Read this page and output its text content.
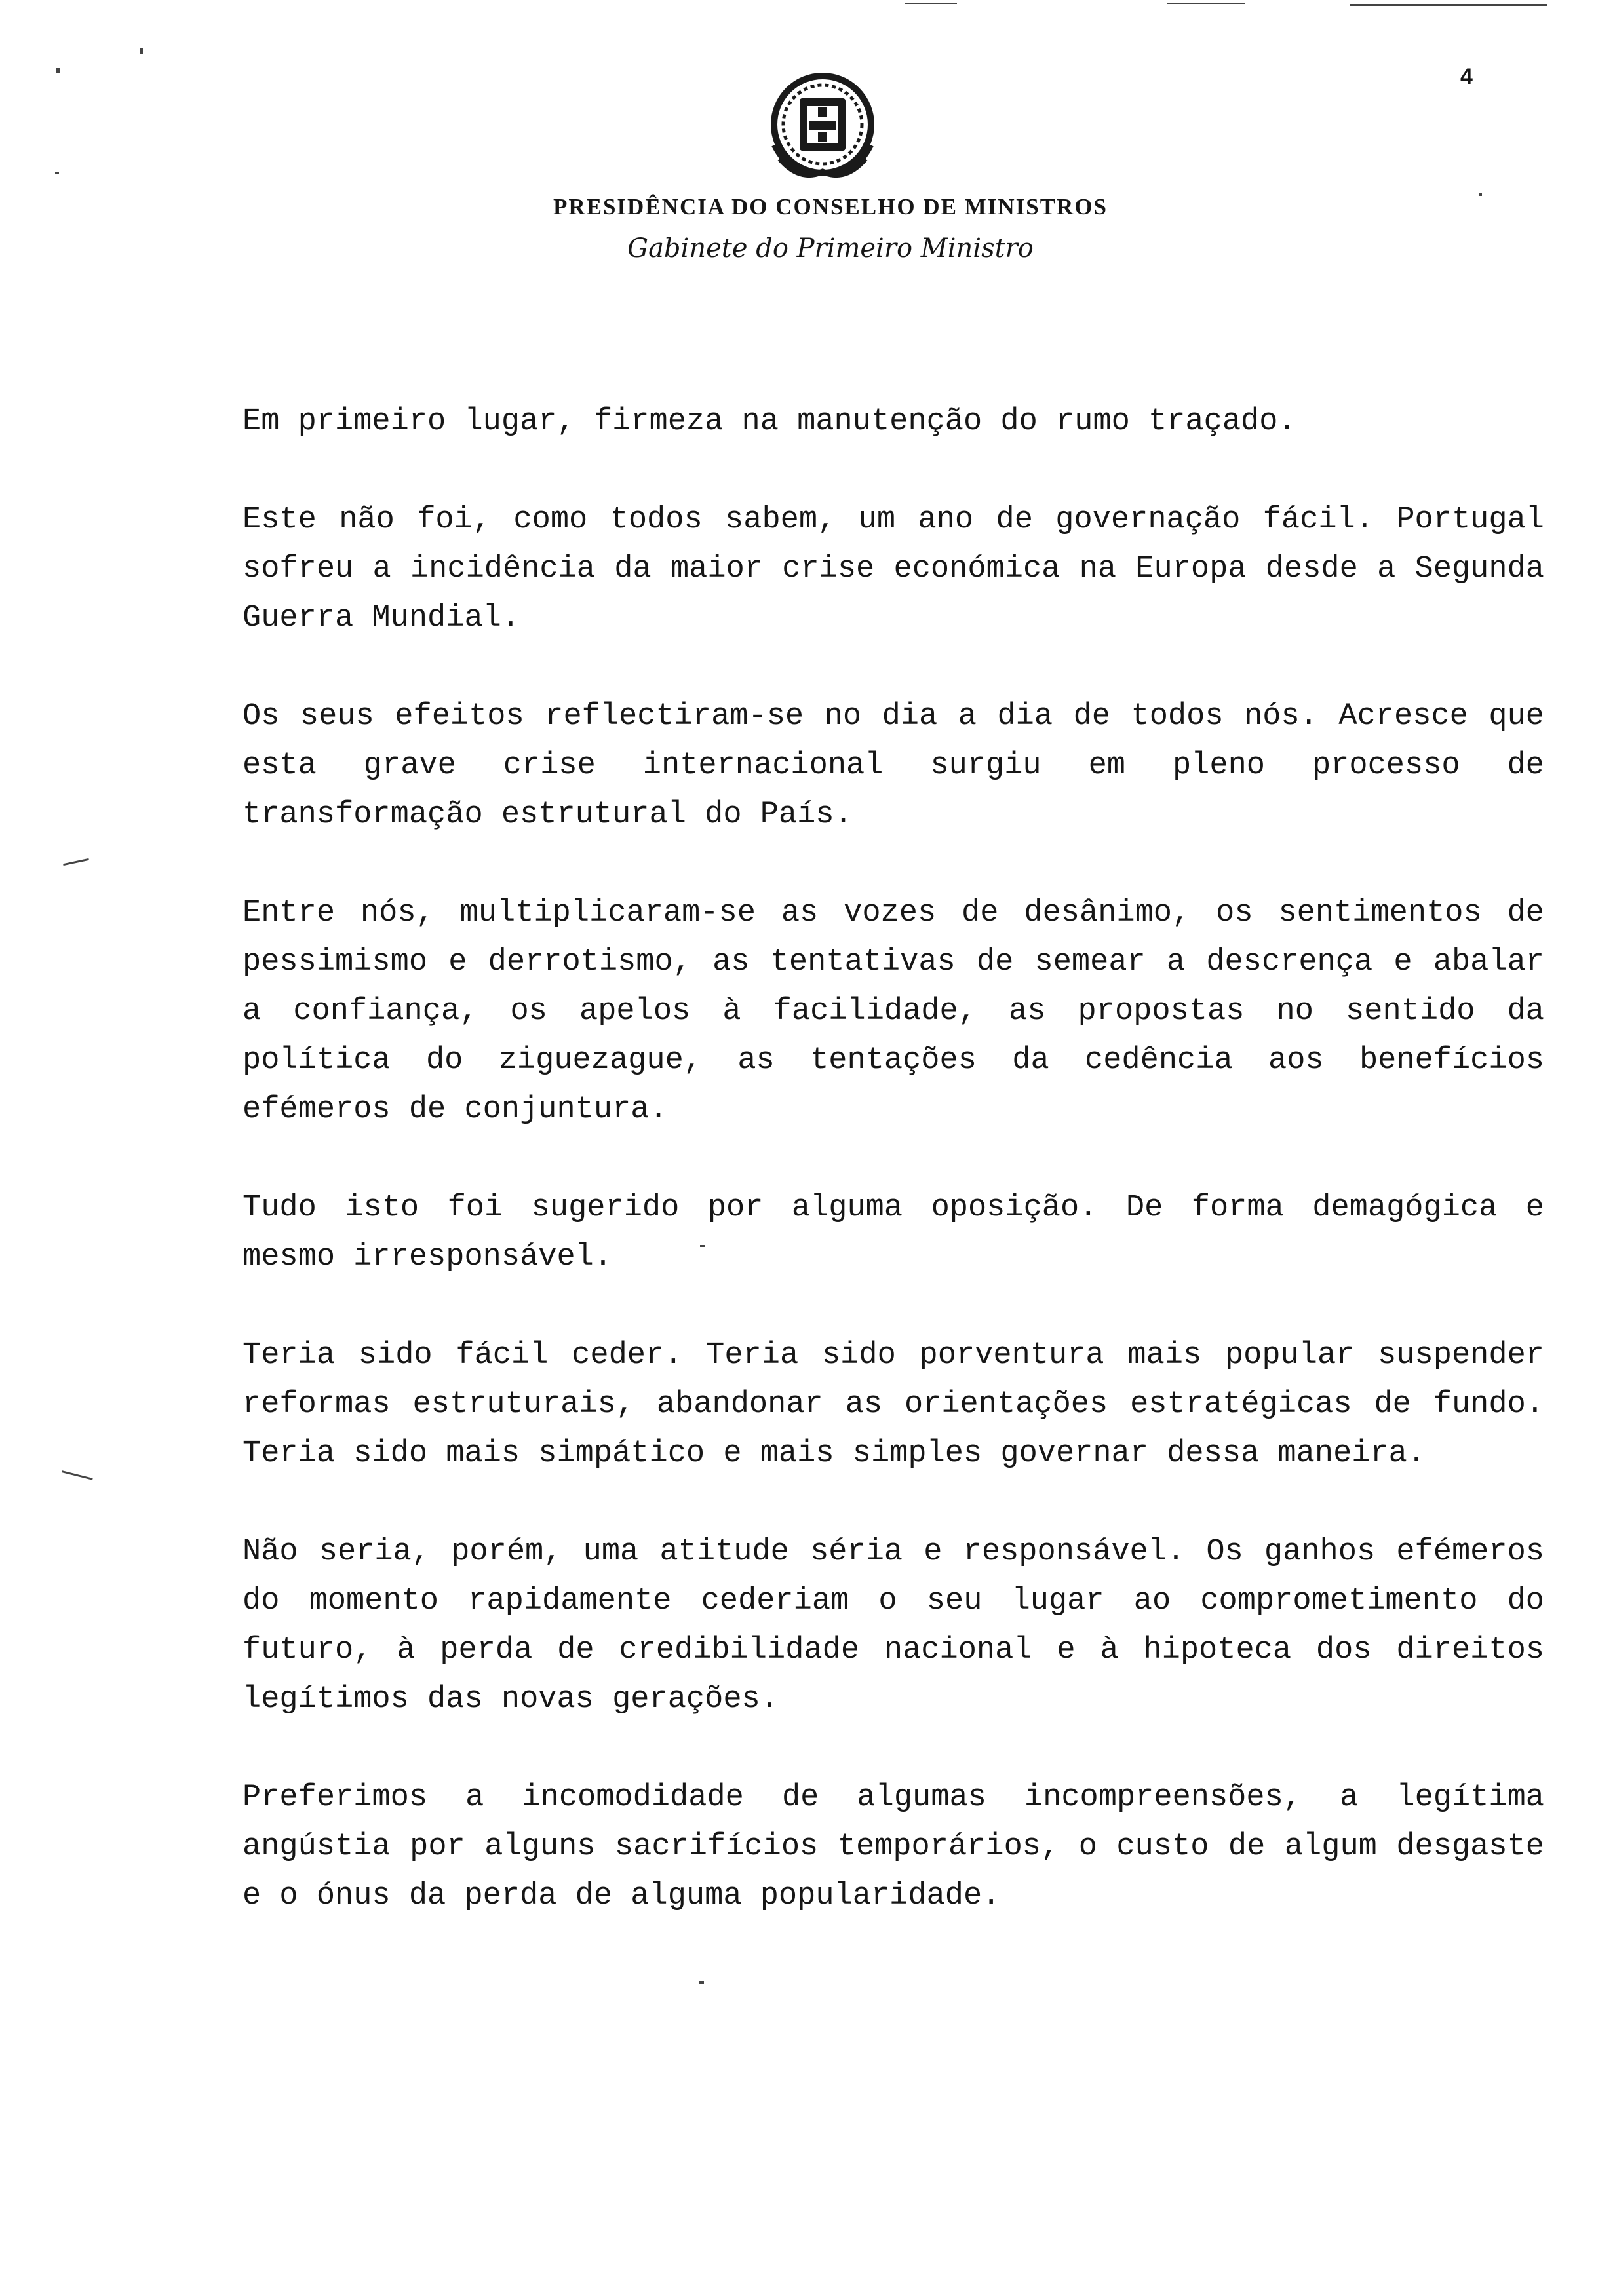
4
PRESIDÊNCIA DO CONSELHO DE MINISTROS
Gabinete do Primeiro Ministro

Em primeiro lugar, firmeza na manutenção do rumo traçado.

Este não foi, como todos sabem, um ano de governação fácil. Portugal sofreu a incidência da maior crise económica na Europa desde a Segunda Guerra Mundial.

Os seus efeitos reflectiram-se no dia a dia de todos nós. Acresce que esta grave crise internacional surgiu em pleno processo de transformação estrutural do País.

Entre nós, multiplicaram-se as vozes de desânimo, os sentimentos de pessimismo e derrotismo, as tentativas de semear a descrença e abalar a confiança, os apelos à facilidade, as propostas no sentido da política do ziguezague, as tentações da cedência aos benefícios efémeros de conjuntura.

Tudo isto foi sugerido por alguma oposição. De forma demagógica e mesmo irresponsável.

Teria sido fácil ceder. Teria sido porventura mais popular suspender reformas estruturais, abandonar as orientações estratégicas de fundo. Teria sido mais simpático e mais simples governar dessa maneira.

Não seria, porém, uma atitude séria e responsável. Os ganhos efémeros do momento rapidamente cederiam o seu lugar ao comprometimento do futuro, à perda de credibilidade nacional e à hipoteca dos direitos legítimos das novas gerações.

Preferimos a incomodidade de algumas incompreensões, a legítima angústia por alguns sacrifícios temporários, o custo de algum desgaste e o ónus da perda de alguma popularidade.
